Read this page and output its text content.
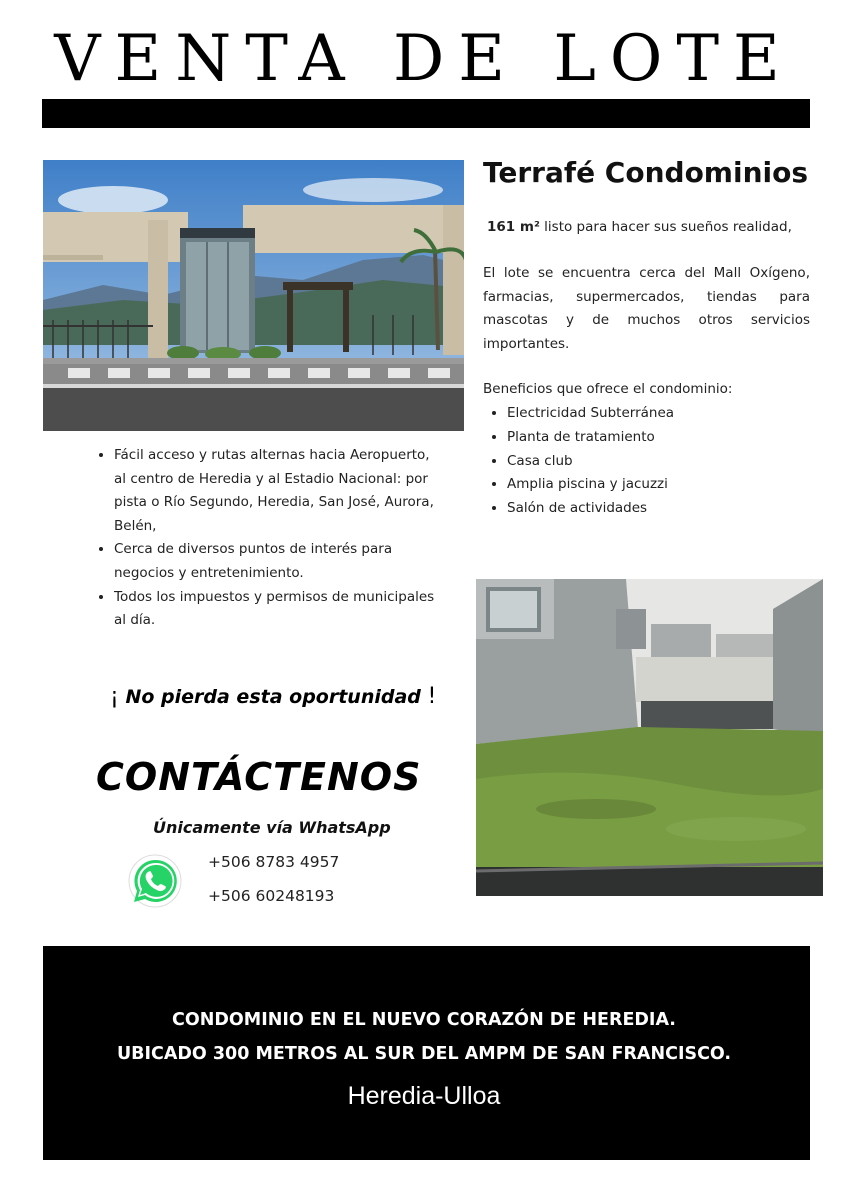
VENTA DE LOTE
Terrafé Condominios
161 m² listo para hacer sus sueños realidad,
El lote se encuentra cerca del Mall Oxígeno, farmacias, supermercados, tiendas para mascotas y de muchos otros servicios importantes.
Beneficios que ofrece el condominio:
• Electricidad Subterránea
• Planta de tratamiento
• Casa club
• Amplia piscina y jacuzzi
• Salón de actividades
• Fácil acceso y rutas alternas hacia Aeropuerto, al centro de Heredia y al Estadio Nacional: por pista o Río Segundo, Heredia, San José, Aurora, Belén,
• Cerca de diversos puntos de interés para negocios y entretenimiento.
• Todos los impuestos y permisos de municipales al día.
¡ No pierda esta oportunidad !
CONTÁCTENOS
Únicamente vía WhatsApp
+506 8783 4957
+506 60248193
CONDOMINIO EN EL NUEVO CORAZÓN DE HEREDIA.
UBICADO 300 METROS AL SUR DEL AMPM DE SAN FRANCISCO.
Heredia-Ulloa
